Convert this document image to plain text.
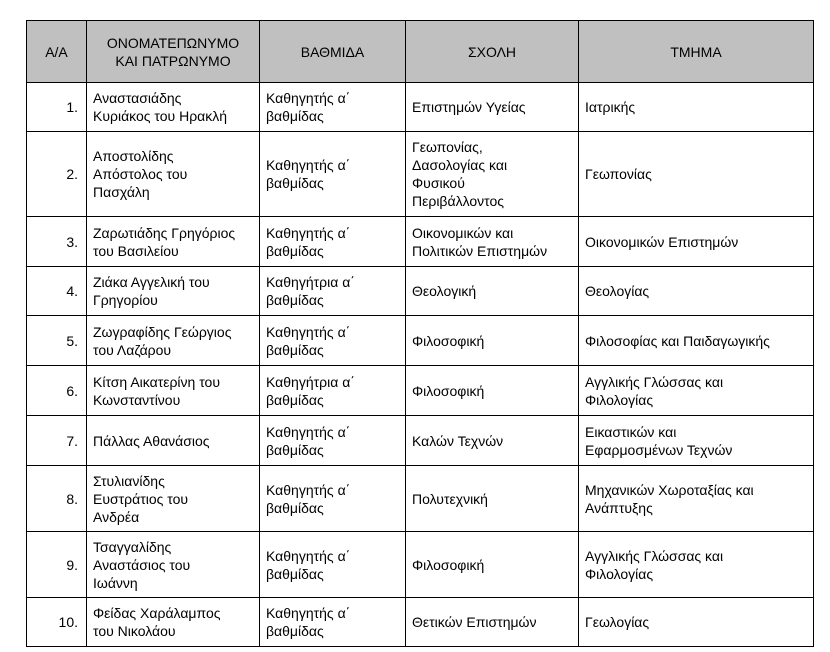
Α/Α	ΟΝΟΜΑΤΕΠΩΝΥΜΟ
ΚΑΙ ΠΑΤΡΩΝΥΜΟ	ΒΑΘΜΙΔΑ	ΣΧΟΛΗ	ΤΜΗΜΑ
1.	Αναστασιάδης
Κυριάκος του Ηρακλή	Καθηγητής α΄
βαθμίδας	Επιστημών Υγείας	Ιατρικής

2.	Αποστολίδης
Απόστολος του
Πασχάλη	Καθηγητής α΄
βαθμίδας	Γεωπονίας,
Δασολογίας και
Φυσικού
Περιβάλλοντος	Γεωπονίας

3.	Ζαρωτιάδης Γρηγόριος
του Βασιλείου	Καθηγητής α΄
βαθμίδας	Οικονομικών και
Πολιτικών Επιστημών	Οικονομικών Επιστημών

4.	Ζιάκα Αγγελική του
Γρηγορίου	Καθηγήτρια α΄
βαθμίδας	Θεολογική	Θεολογίας

5.	Ζωγραφίδης Γεώργιος
του Λαζάρου	Καθηγητής α΄
βαθμίδας	Φιλοσοφική	Φιλοσοφίας και Παιδαγωγικής

6.	Κίτση Αικατερίνη του
Κωνσταντίνου	Καθηγήτρια α΄
βαθμίδας	Φιλοσοφική	Αγγλικής Γλώσσας και
Φιλολογίας

7.	Πάλλας Αθανάσιος	Καθηγητής α΄
βαθμίδας	Καλών Τεχνών	Εικαστικών και
Εφαρμοσμένων Τεχνών

8.	Στυλιανίδης
Ευστράτιος του
Ανδρέα	Καθηγητής α΄
βαθμίδας	Πολυτεχνική	Μηχανικών Χωροταξίας και
Ανάπτυξης

9.	Τσαγγαλίδης
Αναστάσιος του
Ιωάννη	Καθηγητής α΄
βαθμίδας	Φιλοσοφική	Αγγλικής Γλώσσας και
Φιλολογίας

10.	Φείδας Χαράλαμπος
του Νικολάου	Καθηγητής α΄
βαθμίδας	Θετικών Επιστημών	Γεωλογίας
